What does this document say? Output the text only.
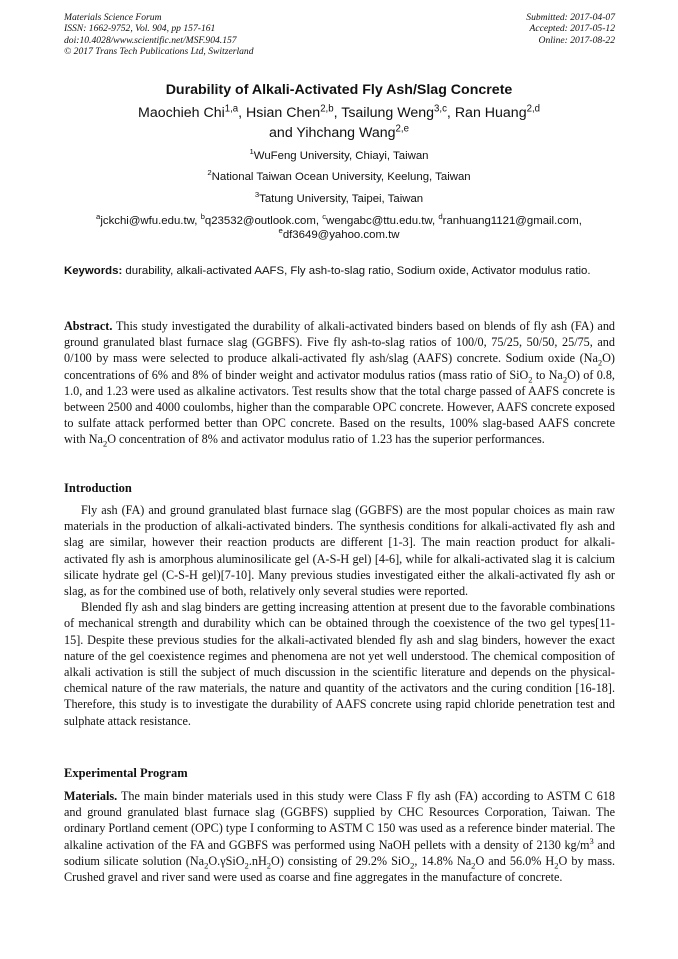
Materials Science Forum
ISSN: 1662-9752, Vol. 904, pp 157-161
doi:10.4028/www.scientific.net/MSF.904.157
© 2017 Trans Tech Publications Ltd, Switzerland
Submitted: 2017-04-07
Accepted: 2017-05-12
Online: 2017-08-22
Durability of Alkali-Activated Fly Ash/Slag Concrete
Maochieh Chi$^{1,a}$, Hsian Chen$^{2,b}$, Tsailung Weng$^{3,c}$, Ran Huang$^{2,d}$
and Yihchang Wang$^{2,e}$
$^1$WuFeng University, Chiayi, Taiwan
$^2$National Taiwan Ocean University, Keelung, Taiwan
$^3$Tatung University, Taipei, Taiwan
$^a$jckchi@wfu.edu.tw, $^b$q23532@outlook.com, $^c$wengabc@ttu.edu.tw, $^d$ranhuang1121@gmail.com,
$^e$df3649@yahoo.com.tw
Keywords: durability, alkali-activated AAFS, Fly ash-to-slag ratio, Sodium oxide, Activator modulus ratio.

Abstract. This study investigated the durability of alkali-activated binders based on blends of fly ash (FA) and ground granulated blast furnace slag (GGBFS). Five fly ash-to-slag ratios of 100/0, 75/25, 50/50, 25/75, and 0/100 by mass were selected to produce alkali-activated fly ash/slag (AAFS) concrete. Sodium oxide $(Na_2O)$ concentrations of 6% and 8% of binder weight and activator modulus ratios (mass ratio of SiO$_2$ to $Na_2O$) of 0.8, 1.0, and 1.23 were used as alkaline activators. Test results show that the total charge passed of AAFS concrete is between 2500 and 4000 coulombs, higher than the comparable OPC concrete. However, AAFS concrete exposed to sulfate attack performed better than OPC concrete. Based on the results, 100% slag-based AAFS concrete with $Na_2O$ concentration of 8% and activator modulus ratio of 1.23 has the superior performances.

Introduction

Fly ash (FA) and ground granulated blast furnace slag (GGBFS) are the most popular choices as main raw materials in the production of alkali-activated binders. The synthesis conditions for alkali-activated fly ash and slag are similar, however their reaction products are different [1-3]. The main reaction product for alkali-activated fly ash is amorphous aluminosilicate gel (A-S-H gel) [4-6], while for alkali-activated slag it is calcium silicate hydrate gel (C-S-H gel)[7-10]. Many previous studies investigated either the alkali-activated fly ash or slag, as for the combined use of both, relatively only several studies were reported.

Blended fly ash and slag binders are getting increasing attention at present due to the favorable combinations of mechanical strength and durability which can be obtained through the coexistence of the two gel types[11-15]. Despite these previous studies for the alkali-activated blended fly ash and slag binders, however the exact nature of the gel coexistence regimes and phenomena are not yet well understood. The chemical composition of alkali activation is still the subject of much discussion in the scientific literature and depends on the physical-chemical nature of the raw materials, the nature and quantity of the activators and the curing condition [16-18]. Therefore, this study is to investigate the durability of AAFS concrete using rapid chloride penetration test and sulphate attack resistance.

Experimental Program

Materials. The main binder materials used in this study were Class F fly ash (FA) according to ASTM C 618 and ground granulated blast furnace slag (GGBFS) supplied by CHC Resources Corporation, Taiwan. The ordinary Portland cement (OPC) type I conforming to ASTM C 150 was used as a reference binder material. The alkaline activation of the FA and GGBFS was performed using NaOH pellets with a density of 2130 $kg/m^3$ and sodium silicate solution $(Na_2O.\gamma SiO_2.nH_2O)$ consisting of 29.2% SiO$_2$, 14.8% $Na_2O$ and 56.0% $H_2O$ by mass. Crushed gravel and river sand were used as coarse and fine aggregates in the manufacture of concrete.
